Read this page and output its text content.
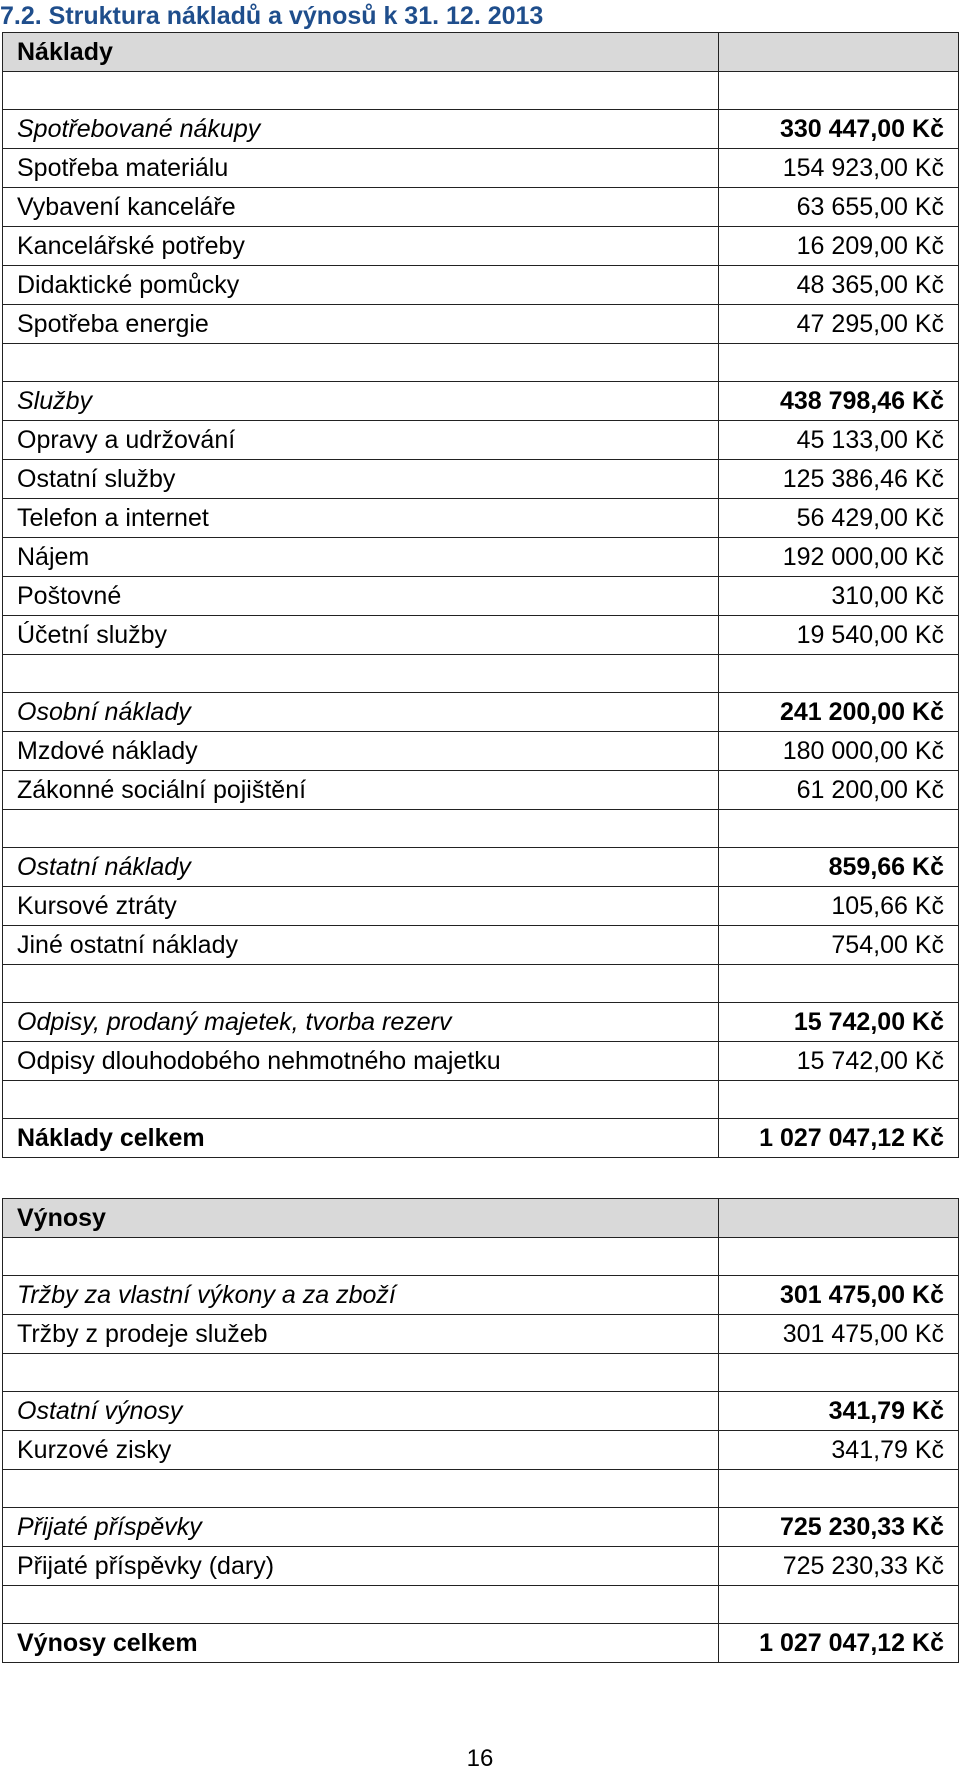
7.2. Struktura nákladů a výnosů k 31. 12. 2013
Náklady	

Spotřebované nákupy	330 447,00 Kč
Spotřeba materiálu	154 923,00 Kč
Vybavení kanceláře	63 655,00 Kč
Kancelářské potřeby	16 209,00 Kč
Didaktické pomůcky	48 365,00 Kč
Spotřeba energie	47 295,00 Kč

Služby	438 798,46 Kč
Opravy a udržování	45 133,00 Kč
Ostatní služby	125 386,46 Kč
Telefon a internet	56 429,00 Kč
Nájem	192 000,00 Kč
Poštovné	310,00 Kč
Účetní služby	19 540,00 Kč

Osobní náklady	241 200,00 Kč
Mzdové náklady	180 000,00 Kč
Zákonné sociální pojištění	61 200,00 Kč

Ostatní náklady	859,66 Kč
Kursové ztráty	105,66 Kč
Jiné ostatní náklady	754,00 Kč

Odpisy, prodaný majetek, tvorba rezerv	15 742,00 Kč
Odpisy dlouhodobého nehmotného majetku	15 742,00 Kč

Náklady celkem	1 027 047,12 Kč

Výnosy	

Tržby za vlastní výkony a za zboží	301 475,00 Kč
Tržby z prodeje služeb	301 475,00 Kč

Ostatní výnosy	341,79 Kč
Kurzové zisky	341,79 Kč

Přijaté příspěvky	725 230,33 Kč
Přijaté příspěvky (dary)	725 230,33 Kč

Výnosy celkem	1 027 047,12 Kč
16
